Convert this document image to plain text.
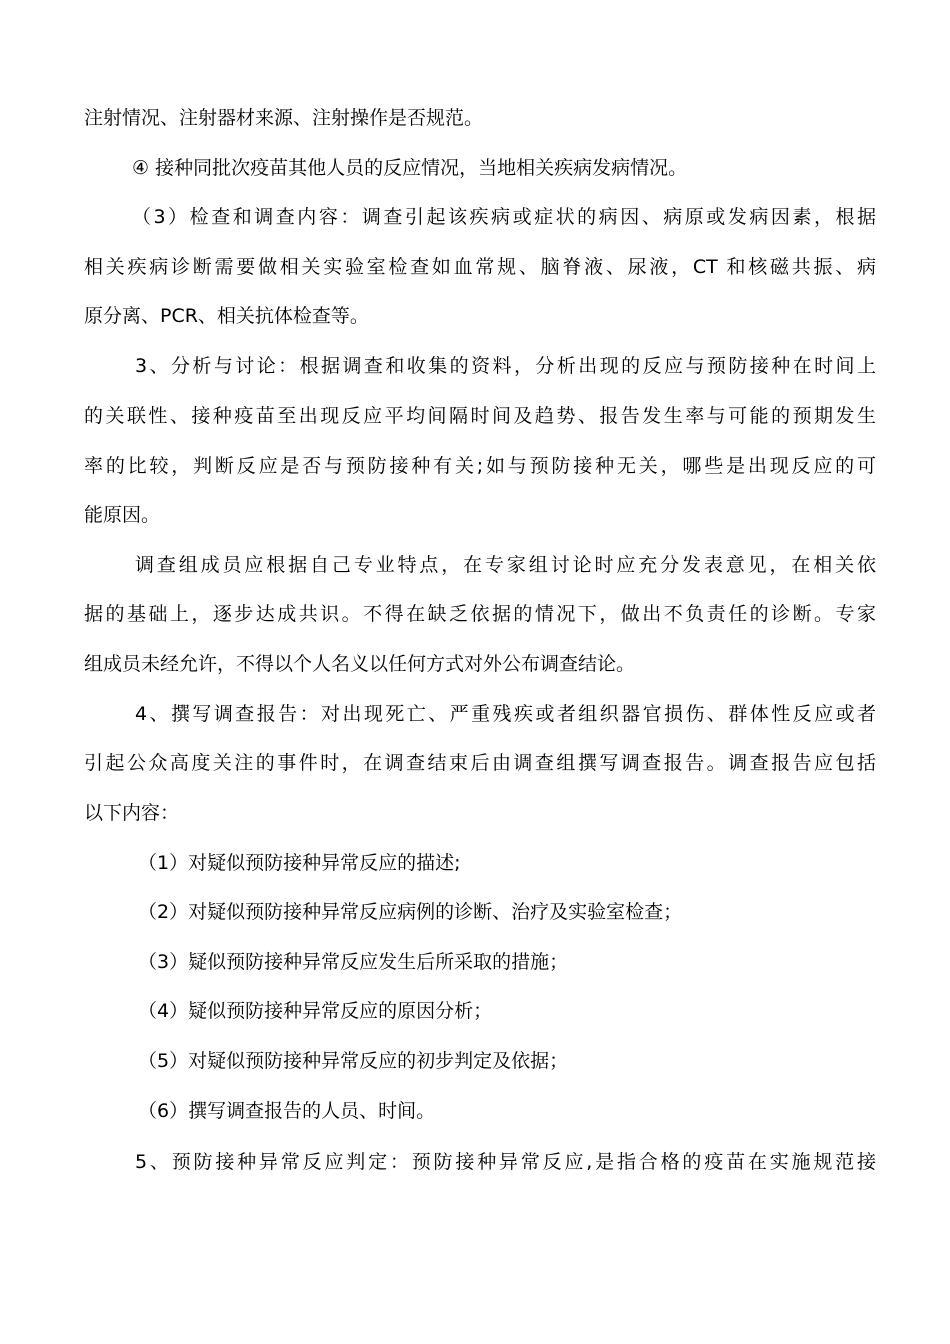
注射情况、注射器材来源、注射操作是否规范。
④ 接种同批次疫苗其他人员的反应情况，当地相关疾病发病情况。
（3）检查和调查内容：调查引起该疾病或症状的病因、病原或发病因素，根据
相关疾病诊断需要做相关实验室检查如血常规、脑脊液、尿液，CT 和核磁共振、病
原分离、PCR、相关抗体检查等。
3、分析与讨论：根据调查和收集的资料，分析出现的反应与预防接种在时间上
的关联性、接种疫苗至出现反应平均间隔时间及趋势、报告发生率与可能的预期发生
率的比较，判断反应是否与预防接种有关;如与预防接种无关，哪些是出现反应的可
能原因。
调查组成员应根据自己专业特点，在专家组讨论时应充分发表意见，在相关依
据的基础上，逐步达成共识。不得在缺乏依据的情况下，做出不负责任的诊断。专家
组成员未经允许，不得以个人名义以任何方式对外公布调查结论。
4、撰写调查报告：对出现死亡、严重残疾或者组织器官损伤、群体性反应或者
引起公众高度关注的事件时，在调查结束后由调查组撰写调查报告。调查报告应包括
以下内容：
（1）对疑似预防接种异常反应的描述;
（2）对疑似预防接种异常反应病例的诊断、治疗及实验室检查；
（3）疑似预防接种异常反应发生后所采取的措施；
（4）疑似预防接种异常反应的原因分析；
（5）对疑似预防接种异常反应的初步判定及依据；
（6）撰写调查报告的人员、时间。
5、预防接种异常反应判定：预防接种异常反应,是指合格的疫苗在实施规范接
